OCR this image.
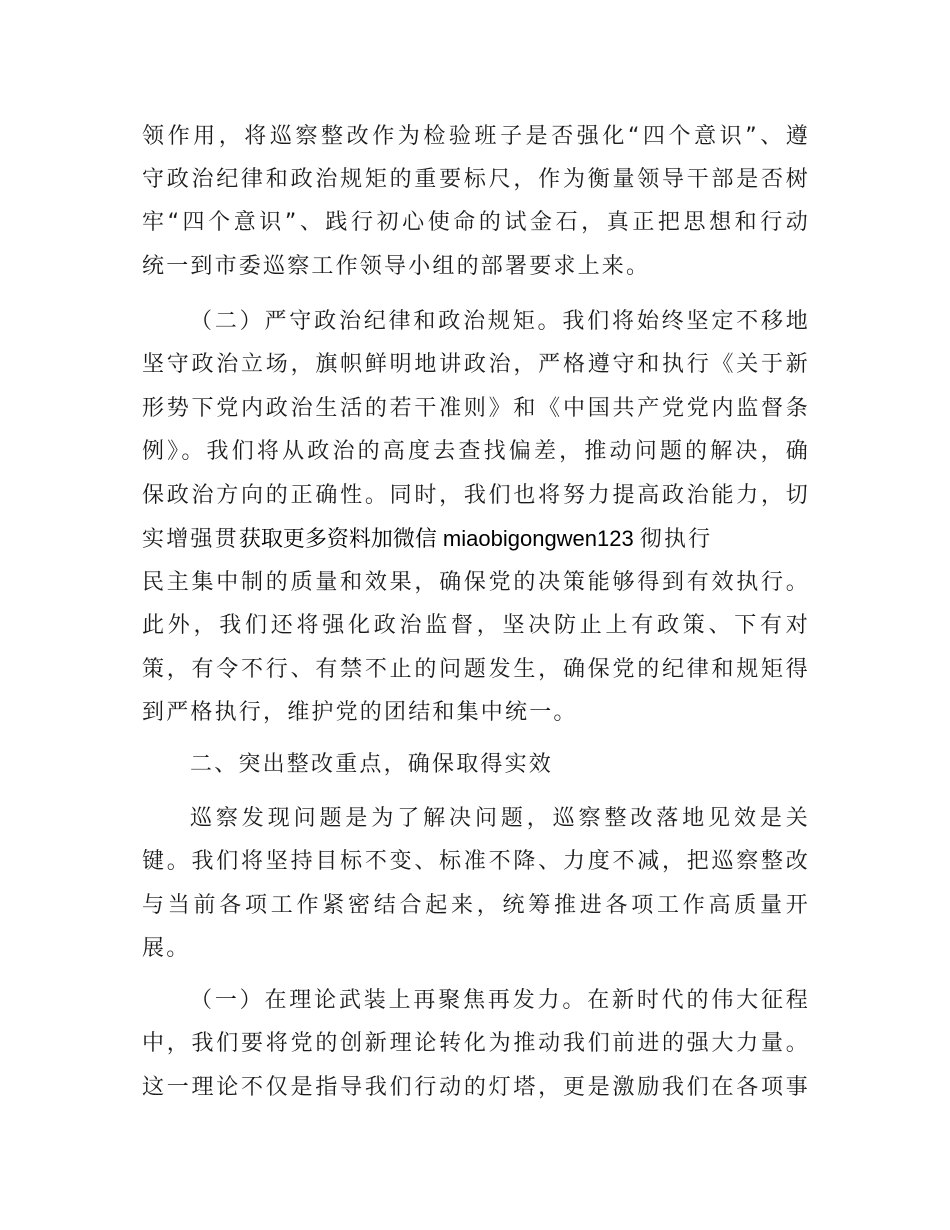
领作用，将巡察整改作为检验班子是否强化“四个意识”、遵
守政治纪律和政治规矩的重要标尺，作为衡量领导干部是否树
牢“四个意识”、践行初心使命的试金石，真正把思想和行动
统一到市委巡察工作领导小组的部署要求上来。
（二）严守政治纪律和政治规矩。我们将始终坚定不移地
坚守政治立场，旗帜鲜明地讲政治，严格遵守和执行《关于新
形势下党内政治生活的若干准则》和《中国共产党党内监督条
例》。我们将从政治的高度去查找偏差，推动问题的解决，确
保政治方向的正确性。同时，我们也将努力提高政治能力，切
实增强贯获取更多资料加微信 miaobigongwen123 彻执行
民主集中制的质量和效果，确保党的决策能够得到有效执行。
此外，我们还将强化政治监督，坚决防止上有政策、下有对
策，有令不行、有禁不止的问题发生，确保党的纪律和规矩得
到严格执行，维护党的团结和集中统一。
二、突出整改重点，确保取得实效
巡察发现问题是为了解决问题，巡察整改落地见效是关
键。我们将坚持目标不变、标准不降、力度不减，把巡察整改
与当前各项工作紧密结合起来，统筹推进各项工作高质量开
展。
（一）在理论武装上再聚焦再发力。在新时代的伟大征程
中，我们要将党的创新理论转化为推动我们前进的强大力量。
这一理论不仅是指导我们行动的灯塔，更是激励我们在各项事
